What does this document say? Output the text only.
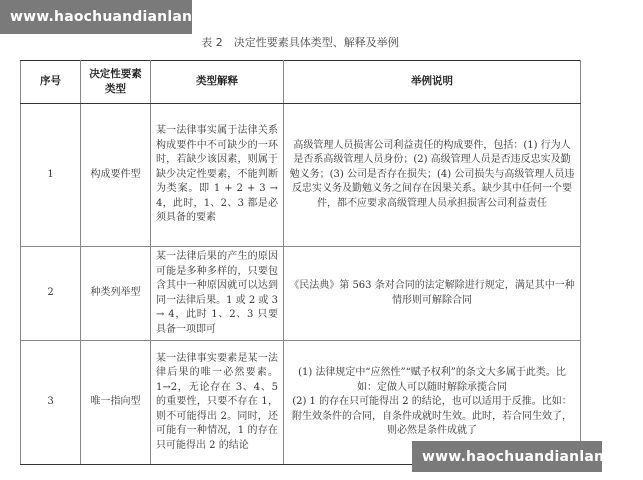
www.haochuandianlan.com
表 2　决定性要素具体类型、解释及举例
序号	决定性要素类型	类型解释	举例说明
1	构成要件型	某一法律事实属于法律关系构成要件中不可缺少的一环时，若缺少该因素，则属于缺少决定性要素，不能判断为类案。即 1 + 2 + 3 → 4，此时，1、2、3 都是必须具备的要素	高级管理人员损害公司利益责任的构成要件，包括：(1) 行为人是否系高级管理人员身份；(2) 高级管理人员是否违反忠实及勤勉义务；(3) 公司是否存在损失；(4) 公司损失与高级管理人员违反忠实义务及勤勉义务之间存在因果关系。缺少其中任何一个要件，都不应要求高级管理人员承担损害公司利益责任
2	种类列举型	某一法律后果的产生的原因可能是多种多样的，只要包含其中一种原因就可以达到同一法律后果。1 或 2 或 3 → 4，此时 1、2、3 只要具备一项即可	《民法典》第 563 条对合同的法定解除进行规定，满足其中一种情形则可解除合同
3	唯一指向型	某一法律事实要素是某一法律后果的唯一必然要素。1→2，无论存在 3、4、5 的重要性，只要不存在 1，则不可能得出 2。同时，还可能有一种情况，1 的存在只可能得出 2 的结论	(1) 法律规定中“应然性”“赋予权利”的条文大多属于此类。比如：定做人可以随时解除承揽合同
(2) 1 的存在只可能得出 2 的结论，也可以适用于反推。比如：附生效条件的合同，自条件成就时生效。此时，若合同生效了，则必然是条件成就了
www.haochuandianlan.com
